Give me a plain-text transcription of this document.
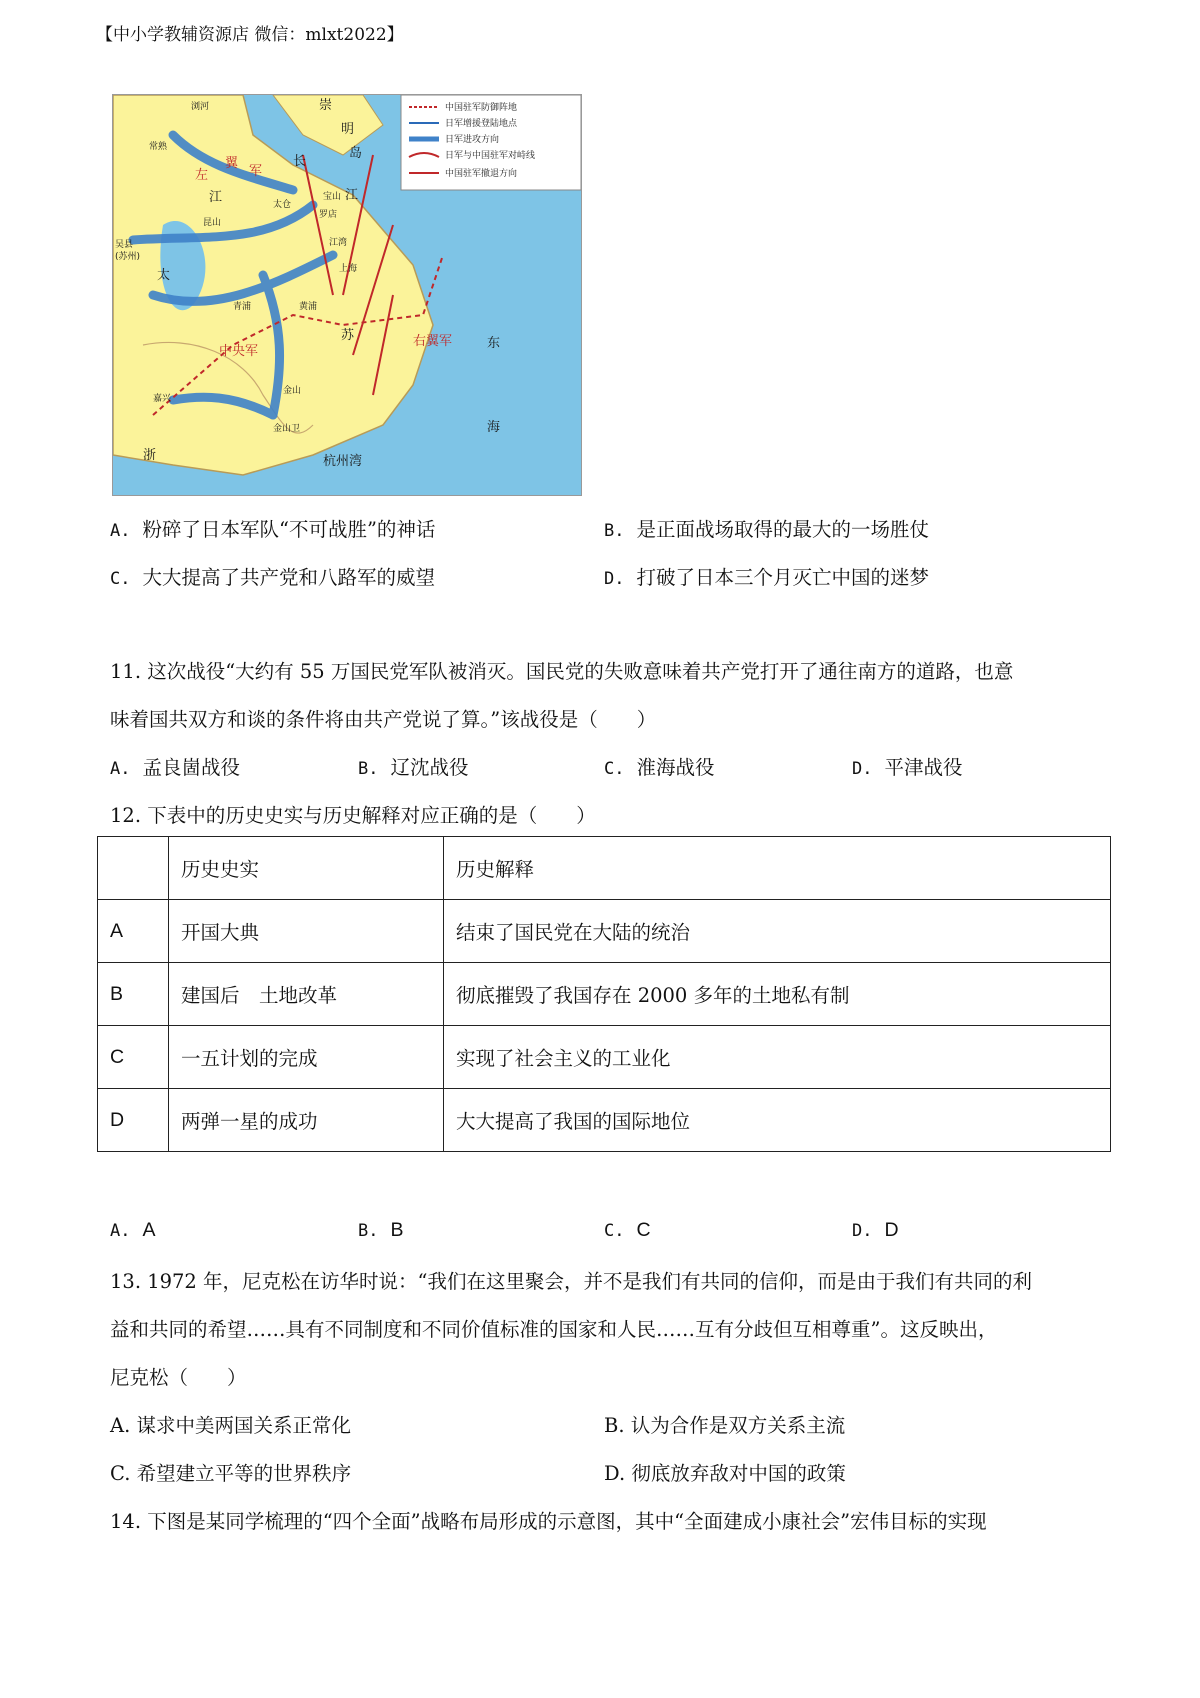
【中小学教辅资源店 微信：mlxt2022】
中国驻军防御阵地
日军增援登陆地点
日军进攻方向
日军与中国驻军对峙线
中国驻军撤退方向
崇
明
岛
长
江
左
翼
军
江
中央军
右翼军	东
海
苏
太
浙	杭州湾
浏河
常熟
太仓
昆山
罗店
宝山
吴县
(苏州)
江湾
上海
青浦	黄浦
金山
嘉兴
金山卫
A. 粉碎了日本军队“不可战胜”的神话	B. 是正面战场取得的最大的一场胜仗
C. 大大提高了共产党和八路军的威望	D. 打破了日本三个月灭亡中国的迷梦
11. 这次战役“大约有 55 万国民党军队被消灭。国民党的失败意味着共产党打开了通往南方的道路，也意
味着国共双方和谈的条件将由共产党说了算。”该战役是（　　）
A. 孟良崮战役	B. 辽沈战役	C. 淮海战役	D. 平津战役
12. 下表中的历史史实与历史解释对应正确的是（　　）
	历史史实	历史解释
A	开国大典	结束了国民党在大陆的统治
B	建国后　土地改革	彻底摧毁了我国存在 2000 多年的土地私有制
C	一五计划的完成	实现了社会主义的工业化
D	两弹一星的成功	大大提高了我国的国际地位
A. A	B. B	C. C	D. D
13. 1972 年，尼克松在访华时说：“我们在这里聚会，并不是我们有共同的信仰，而是由于我们有共同的利
益和共同的希望……具有不同制度和不同价值标准的国家和人民……互有分歧但互相尊重”。这反映出，
尼克松（　　）
A. 谋求中美两国关系正常化	B. 认为合作是双方关系主流
C. 希望建立平等的世界秩序	D. 彻底放弃敌对中国的政策
14. 下图是某同学梳理的“四个全面”战略布局形成的示意图，其中“全面建成小康社会”宏伟目标的实现
